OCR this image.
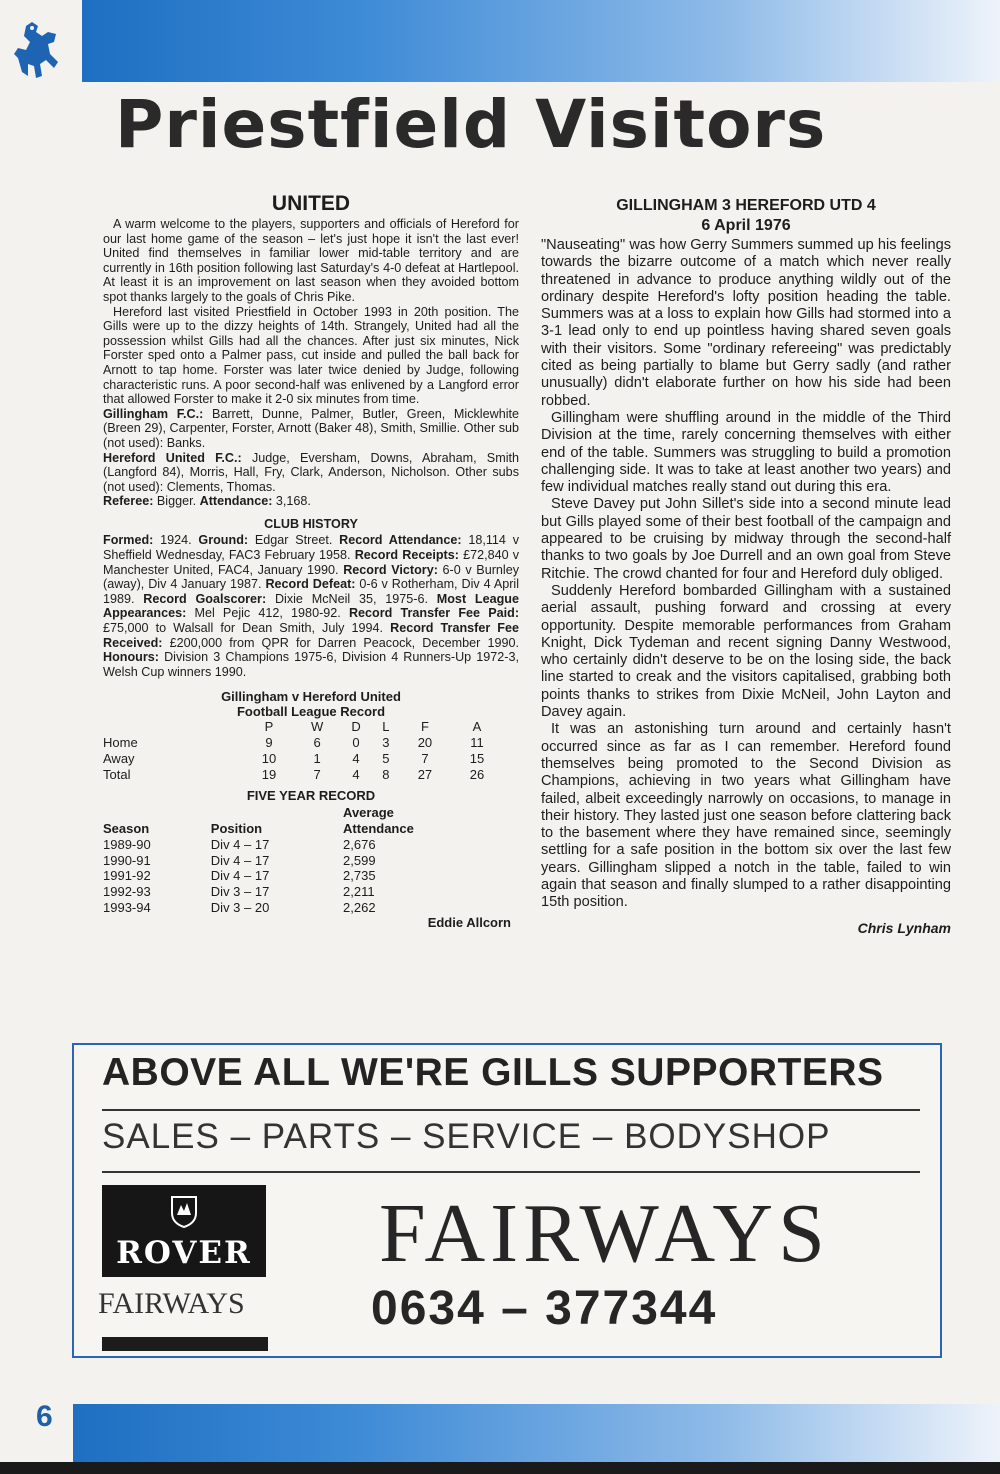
Priestfield Visitors
UNITED

A warm welcome to the players, supporters and officials of Hereford for our last home game of the season – let's just hope it isn't the last ever! United find themselves in familiar lower mid-table territory and are currently in 16th position following last Saturday's 4-0 defeat at Hartlepool. At least it is an improvement on last season when they avoided bottom spot thanks largely to the goals of Chris Pike.

Hereford last visited Priestfield in October 1993 in 20th position. The Gills were up to the dizzy heights of 14th. Strangely, United had all the possession whilst Gills had all the chances. After just six minutes, Nick Forster sped onto a Palmer pass, cut inside and pulled the ball back for Arnott to tap home. Forster was later twice denied by Judge, following characteristic runs. A poor second-half was enlivened by a Langford error that allowed Forster to make it 2-0 six minutes from time.

Gillingham F.C.: Barrett, Dunne, Palmer, Butler, Green, Micklewhite (Breen 29), Carpenter, Forster, Arnott (Baker 48), Smith, Smillie. Other sub (not used): Banks.

Hereford United F.C.: Judge, Eversham, Downs, Abraham, Smith (Langford 84), Morris, Hall, Fry, Clark, Anderson, Nicholson. Other subs (not used): Clements, Thomas.

Referee: Bigger. Attendance: 3,168.

CLUB HISTORY

Formed: 1924. Ground: Edgar Street. Record Attendance: 18,114 v Sheffield Wednesday, FAC3 February 1958. Record Receipts: £72,840 v Manchester United, FAC4, January 1990. Record Victory: 6-0 v Burnley (away), Div 4 January 1987. Record Defeat: 0-6 v Rotherham, Div 4 April 1989. Record Goalscorer: Dixie McNeil 35, 1975-6. Most League Appearances: Mel Pejic 412, 1980-92. Record Transfer Fee Paid: £75,000 to Walsall for Dean Smith, July 1994. Record Transfer Fee Received: £200,000 from QPR for Darren Peacock, December 1990. Honours: Division 3 Champions 1975-6, Division 4 Runners-Up 1972-3, Welsh Cup winners 1990.

Gillingham v Hereford United
Football League Record
	P	W	D	L	F	A
Home	9	6	0	3	20	11
Away	10	1	4	5	7	15
Total	19	7	4	8	27	26
FIVE YEAR RECORD
Season	Position	Average
Attendance

1989-90	Div 4 – 17	2,676
1990-91	Div 4 – 17	2,599
1991-92	Div 4 – 17	2,735
1992-93	Div 3 – 17	2,211
1993-94	Div 3 – 20	2,262
Eddie Allcorn
GILLINGHAM 3 HEREFORD UTD 4
6 April 1976

"Nauseating" was how Gerry Summers summed up his feelings towards the bizarre outcome of a match which never really threatened in advance to produce anything wildly out of the ordinary despite Hereford's lofty position heading the table. Summers was at a loss to explain how Gills had stormed into a 3-1 lead only to end up pointless having shared seven goals with their visitors. Some "ordinary refereeing" was predictably cited as being partially to blame but Gerry sadly (and rather unusually) didn't elaborate further on how his side had been robbed.

Gillingham were shuffling around in the middle of the Third Division at the time, rarely concerning themselves with either end of the table. Summers was struggling to build a promotion challenging side. It was to take at least another two years) and few individual matches really stand out during this era.

Steve Davey put John Sillet's side into a second minute lead but Gills played some of their best football of the campaign and appeared to be cruising by midway through the second-half thanks to two goals by Joe Durrell and an own goal from Steve Ritchie. The crowd chanted for four and Hereford duly obliged.

Suddenly Hereford bombarded Gillingham with a sustained aerial assault, pushing forward and crossing at every opportunity. Despite memorable performances from Graham Knight, Dick Tydeman and recent signing Danny Westwood, who certainly didn't deserve to be on the losing side, the back line started to creak and the visitors capitalised, grabbing both points thanks to strikes from Dixie McNeil, John Layton and Davey again.

It was an astonishing turn around and certainly hasn't occurred since as far as I can remember. Hereford found themselves being promoted to the Second Division as Champions, achieving in two years what Gillingham have failed, albeit exceedingly narrowly on occasions, to manage in their history. They lasted just one season before clattering back to the basement where they have remained since, seemingly settling for a safe position in the bottom six over the last few years. Gillingham slipped a notch in the table, failed to win again that season and finally slumped to a rather disappointing 15th position.

Chris Lynham
ABOVE ALL WE'RE GILLS SUPPORTERS
SALES – PARTS – SERVICE – BODYSHOP
ROVER
FAIRWAYS
FAIRWAYS
0634 – 377344
6
